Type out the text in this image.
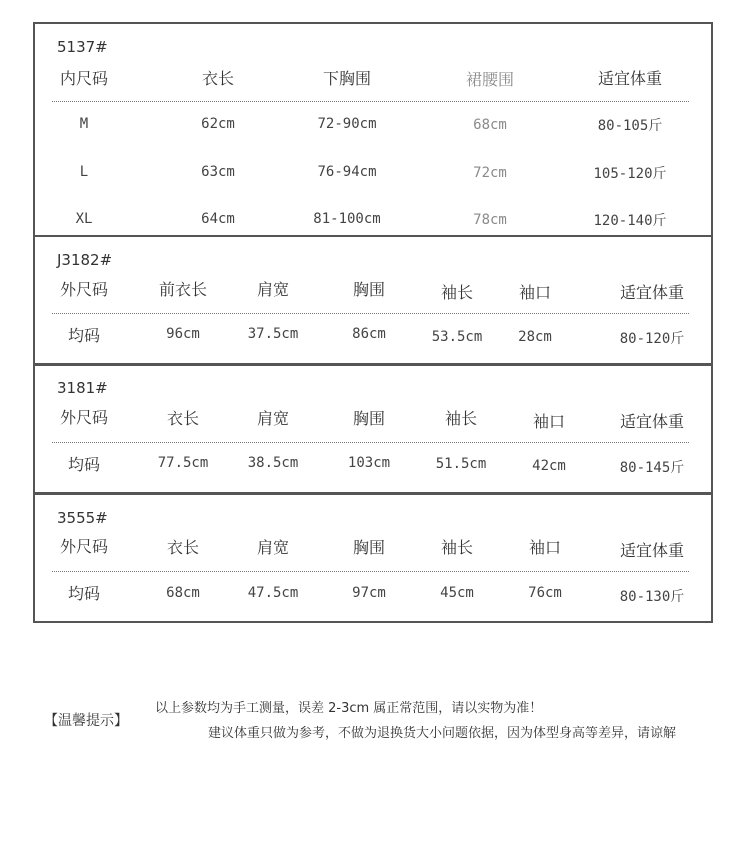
5137#
内尺码	衣长	下胸围	裙腰围	适宜体重
M	62cm	72-90cm	68cm	80-105斤
L	63cm	76-94cm	72cm	105-120斤
XL	64cm	81-100cm	78cm	120-140斤
J3182#
外尺码	前衣长	肩宽	胸围	袖长	袖口	适宜体重
均码	96cm	37.5cm	86cm	53.5cm	28cm	80-120斤
3181#
外尺码	衣长	肩宽	胸围	袖长	袖口	适宜体重
均码	77.5cm	38.5cm	103cm	51.5cm	42cm	80-145斤
3555#
外尺码	衣长	肩宽	胸围	袖长	袖口	适宜体重
均码	68cm	47.5cm	97cm	45cm	76cm	80-130斤
【温馨提示】
以上参数均为手工测量，误差 2-3cm 属正常范围，请以实物为准！
建议体重只做为参考，不做为退换货大小问题依据，因为体型身高等差异，请谅解
